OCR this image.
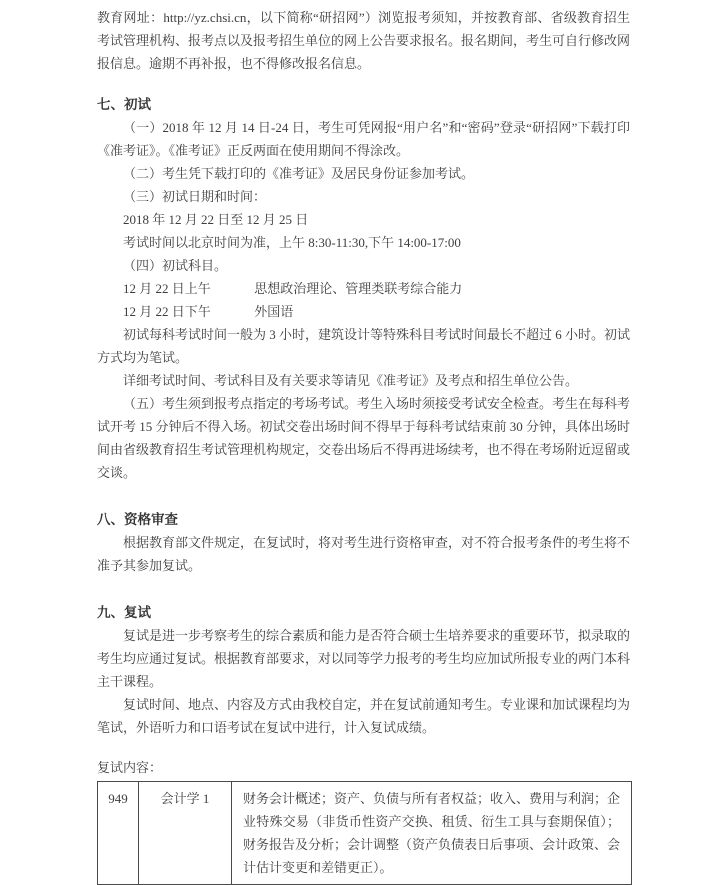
教育网址：http://yz.chsi.cn，以下简称“研招网”）浏览报考须知，并按教育部、省级教育招生考试管理机构、报考点以及报考招生单位的网上公告要求报名。报名期间，考生可自行修改网报信息。逾期不再补报，也不得修改报名信息。

七、初试

（一）2018 年 12 月 14 日-24 日，考生可凭网报“用户名”和“密码”登录“研招网”下载打印《准考证》。《准考证》正反两面在使用期间不得涂改。

（二）考生凭下载打印的《准考证》及居民身份证参加考试。

（三）初试日期和时间：

2018 年 12 月 22 日至 12 月 25 日

考试时间以北京时间为准，上午 8:30-11:30,下午 14:00-17:00

（四）初试科目。

12 月 22 日上午	思想政治理论、管理类联考综合能力

12 月 22 日下午	外国语

初试每科考试时间一般为 3 小时，建筑设计等特殊科目考试时间最长不超过 6 小时。初试方式均为笔试。

详细考试时间、考试科目及有关要求等请见《准考证》及考点和招生单位公告。

（五）考生须到报考点指定的考场考试。考生入场时须接受考试安全检查。考生在每科考试开考 15 分钟后不得入场。初试交卷出场时间不得早于每科考试结束前 30 分钟，具体出场时间由省级教育招生考试管理机构规定，交卷出场后不得再进场续考，也不得在考场附近逗留或交谈。

八、资格审查

根据教育部文件规定，在复试时，将对考生进行资格审查，对不符合报考条件的考生将不准予其参加复试。

九、复试

复试是进一步考察考生的综合素质和能力是否符合硕士生培养要求的重要环节，拟录取的考生均应通过复试。根据教育部要求，对以同等学力报考的考生均应加试所报专业的两门本科主干课程。

复试时间、地点、内容及方式由我校自定，并在复试前通知考生。专业课和加试课程均为笔试，外语听力和口语考试在复试中进行，计入复试成绩。

复试内容：

949	会计学 1	财务会计概述；资产、负债与所有者权益；收入、费用与利润；企业特殊交易（非货币性资产交换、租赁、衍生工具与套期保值）；财务报告及分析；会计调整（资产负债表日后事项、会计政策、会计估计变更和差错更正）。
